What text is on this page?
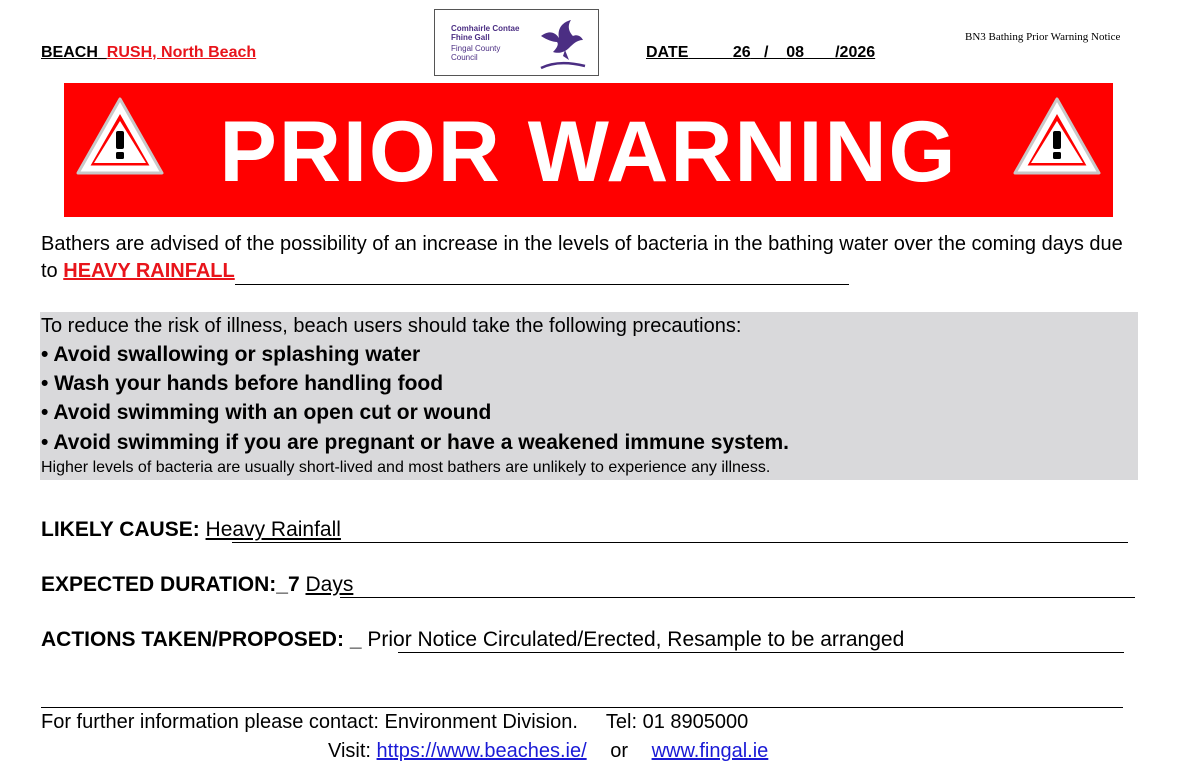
BEACH_RUSH, North Beach
Comhairle Contae
Fhine Gall
Fingal County
Council	DATE	26   /    08 /2026
BN3 Bathing Prior Warning Notice
PRIOR WARNING
Bathers are advised of the possibility of an increase in the levels of bacteria in the bathing water over the coming days due to HEAVY RAINFALL
To reduce the risk of illness, beach users should take the following precautions:
• Avoid swallowing or splashing water
• Wash your hands before handling food
• Avoid swimming with an open cut or wound
• Avoid swimming if you are pregnant or have a weakened immune system.
Higher levels of bacteria are usually short-lived and most bathers are unlikely to experience any illness.
LIKELY CAUSE: Heavy Rainfall
EXPECTED DURATION:_7 Days
ACTIONS TAKEN/PROPOSED: _ Prior Notice Circulated/Erected, Resample to be arranged
For further information please contact: Environment Division. Tel: 01 8905000
Visit: https://www.beaches.ie/ or www.fingal.ie
